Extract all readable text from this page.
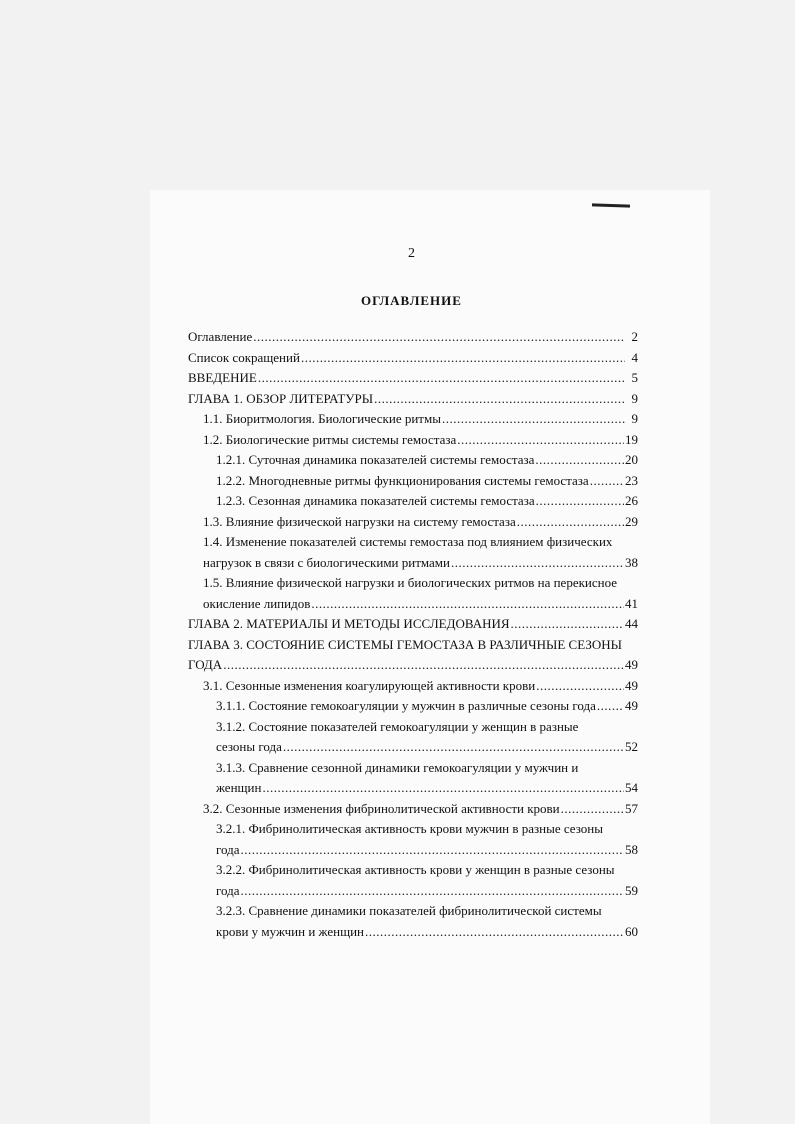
2
ОГЛАВЛЕНИЕ
Оглавление .....	2
Список сокращений .....	4
ВВЕДЕНИЕ .....	5
ГЛАВА 1. ОБЗОР ЛИТЕРАТУРЫ .....	9
1.1. Биоритмология. Биологические ритмы .....	9
1.2. Биологические ритмы системы гемостаза .....	19
1.2.1. Суточная динамика показателей системы гемостаза .....	20
1.2.2. Многодневные ритмы функционирования системы гемостаза .....	23
1.2.3. Сезонная динамика показателей системы гемостаза .....	26
1.3. Влияние физической нагрузки на систему гемостаза .....	29
1.4. Изменение показателей системы гемостаза под влиянием физических
нагрузок в связи с биологическими ритмами .....	38
1.5. Влияние физической нагрузки и биологических ритмов на перекисное
окисление липидов .....	41
ГЛАВА 2. МАТЕРИАЛЫ И МЕТОДЫ ИССЛЕДОВАНИЯ .....	44
ГЛАВА 3. СОСТОЯНИЕ СИСТЕМЫ ГЕМОСТАЗА В РАЗЛИЧНЫЕ СЕЗОНЫ
ГОДА .....	49
3.1. Сезонные изменения коагулирующей активности крови .....	49
3.1.1. Состояние гемокоагуляции у мужчин в различные сезоны года ..... 49
3.1.2. Состояние показателей гемокоагуляции у женщин в разные
сезоны года .....	52
3.1.3. Сравнение сезонной динамики гемокоагуляции у мужчин и
женщин .....	54
3.2. Сезонные изменения фибринолитической активности крови .....	57
3.2.1. Фибринолитическая активность крови мужчин в разные сезоны
года .....	58
3.2.2. Фибринолитическая активность крови у женщин в разные сезоны
года .....	59
3.2.3. Сравнение динамики показателей фибринолитической системы
крови у мужчин и женщин .....	60
